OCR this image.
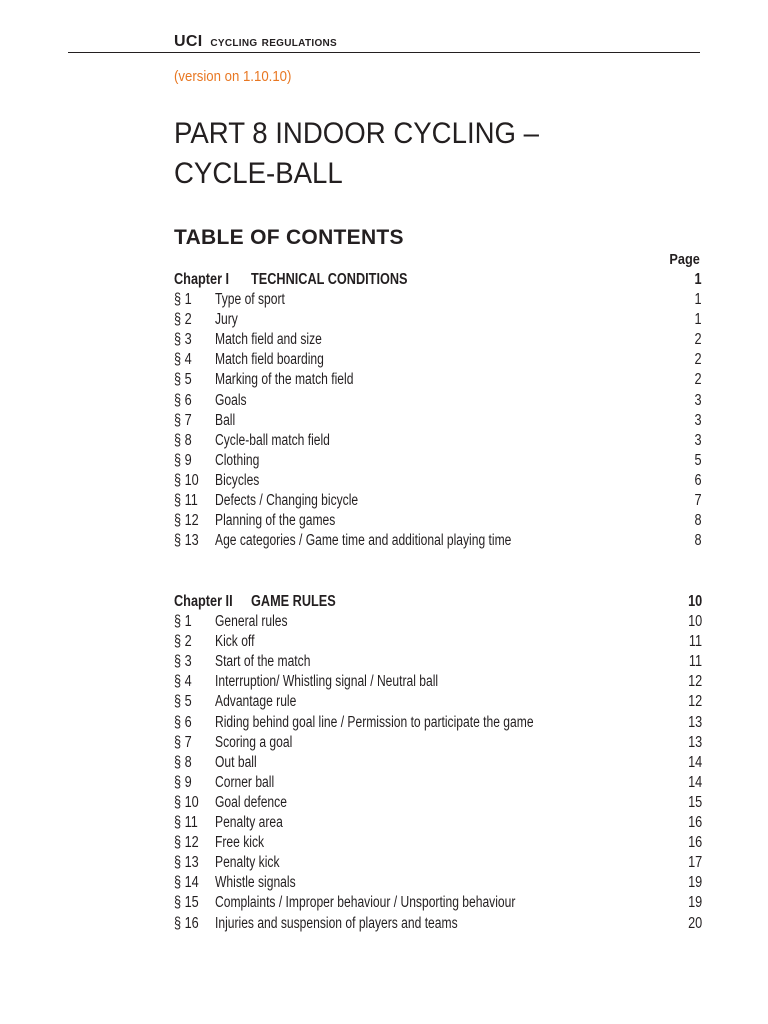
UCI cycling regulations
(version on 1.10.10)
PART 8 INDOOR CYCLING –
CYCLE-BALL
TABLE OF CONTENTS
Page
Chapter I TECHNICAL CONDITIONS	1
§ 1	Type of sport	1
§ 2	Jury	1
§ 3	Match field and size	2
§ 4	Match field boarding	2
§ 5	Marking of the match field	2
§ 6	Goals	3
§ 7	Ball	3
§ 8	Cycle-ball match field	3
§ 9	Clothing	5
§ 10	Bicycles	6
§ 11	Defects / Changing bicycle	7
§ 12	Planning of the games	8
§ 13	Age categories / Game time and additional playing time	8
Chapter II GAME RULES	10
§ 1	General rules	10
§ 2	Kick off	11
§ 3	Start of the match	11
§ 4	Interruption/ Whistling signal / Neutral ball	12
§ 5	Advantage rule	12
§ 6	Riding behind goal line / Permission to participate the game	13
§ 7	Scoring a goal	13
§ 8	Out ball	14
§ 9	Corner ball	14
§ 10	Goal defence	15
§ 11	Penalty area	16
§ 12	Free kick	16
§ 13	Penalty kick	17
§ 14	Whistle signals	19
§ 15	Complaints / Improper behaviour / Unsporting behaviour	19
§ 16	Injuries and suspension of players and teams	20
